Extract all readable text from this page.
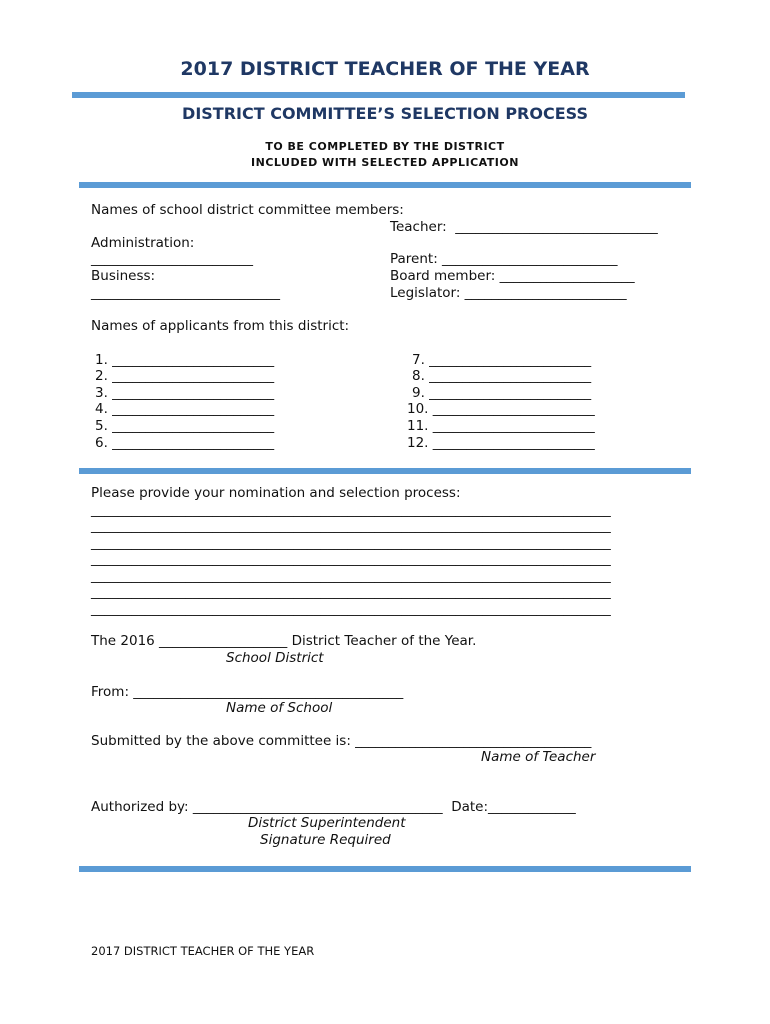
2017 DISTRICT TEACHER OF THE YEAR
DISTRICT COMMITTEE’S SELECTION PROCESS
TO BE COMPLETED BY THE DISTRICT
INCLUDED WITH SELECTED APPLICATION
Names of school district committee members:
Teacher:  ______________________________
Administration:
________________________	Parent: __________________________
Business:	Board member: ____________________
____________________________	Legislator: ________________________
Names of applicants from this district:
1. ________________________
2. ________________________
3. ________________________
4. ________________________
5. ________________________
6. ________________________
7. ________________________
8. ________________________
9. ________________________
10. ________________________
11. ________________________
12. ________________________
Please provide your nomination and selection process:
_____________________________________________________________________________
_____________________________________________________________________________
_____________________________________________________________________________
_____________________________________________________________________________
_____________________________________________________________________________
_____________________________________________________________________________
_____________________________________________________________________________
The 2016 ___________________ District Teacher of the Year.
School District
From: ________________________________________
Name of School
Submitted by the above committee is: ___________________________________
Name of Teacher
Authorized by: _____________________________________  Date:_____________
District Superintendent
Signature Required
2017 DISTRICT TEACHER OF THE YEAR
